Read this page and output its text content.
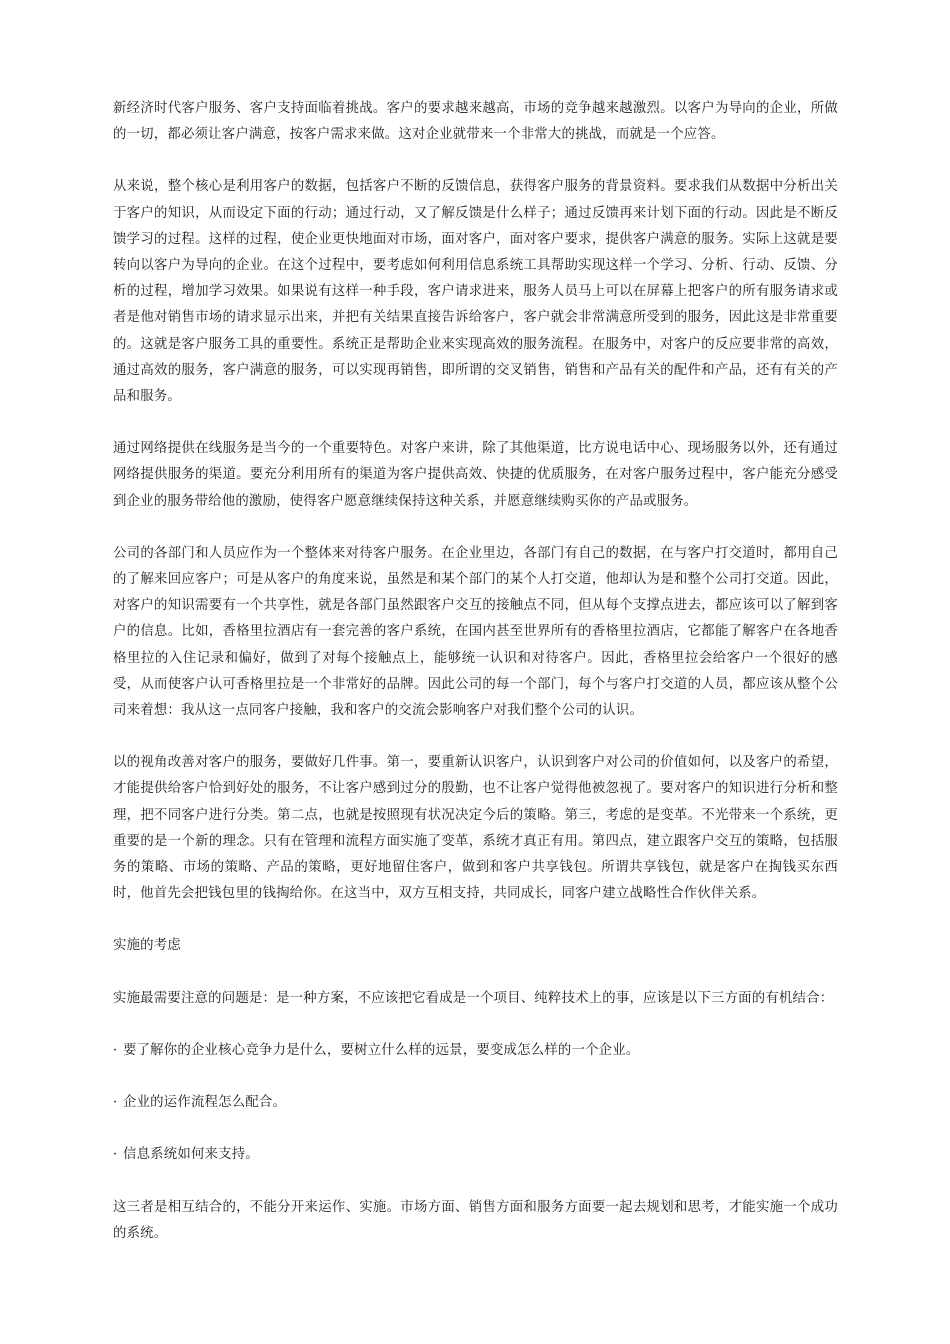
新经济时代客户服务、客户支持面临着挑战。客户的要求越来越高，市场的竞争越来越激烈。以客户为导向的企业，所做的一切，都必须让客户满意，按客户需求来做。这对企业就带来一个非常大的挑战，而就是一个应答。

从来说，整个核心是利用客户的数据，包括客户不断的反馈信息，获得客户服务的背景资料。要求我们从数据中分析出关于客户的知识，从而设定下面的行动；通过行动，又了解反馈是什么样子；通过反馈再来计划下面的行动。因此是不断反馈学习的过程。这样的过程，使企业更快地面对市场，面对客户，面对客户要求，提供客户满意的服务。实际上这就是要转向以客户为导向的企业。在这个过程中，要考虑如何利用信息系统工具帮助实现这样一个学习、分析、行动、反馈、分析的过程，增加学习效果。如果说有这样一种手段，客户请求进来，服务人员马上可以在屏幕上把客户的所有服务请求或者是他对销售市场的请求显示出来，并把有关结果直接告诉给客户，客户就会非常满意所受到的服务，因此这是非常重要的。这就是客户服务工具的重要性。系统正是帮助企业来实现高效的服务流程。在服务中，对客户的反应要非常的高效，通过高效的服务，客户满意的服务，可以实现再销售，即所谓的交叉销售，销售和产品有关的配件和产品，还有有关的产品和服务。

通过网络提供在线服务是当今的一个重要特色。对客户来讲，除了其他渠道，比方说电话中心、现场服务以外，还有通过网络提供服务的渠道。要充分利用所有的渠道为客户提供高效、快捷的优质服务，在对客户服务过程中，客户能充分感受到企业的服务带给他的激励，使得客户愿意继续保持这种关系，并愿意继续购买你的产品或服务。

公司的各部门和人员应作为一个整体来对待客户服务。在企业里边，各部门有自己的数据，在与客户打交道时，都用自己的了解来回应客户；可是从客户的角度来说，虽然是和某个部门的某个人打交道，他却认为是和整个公司打交道。因此，对客户的知识需要有一个共享性，就是各部门虽然跟客户交互的接触点不同，但从每个支撑点进去，都应该可以了解到客户的信息。比如，香格里拉酒店有一套完善的客户系统，在国内甚至世界所有的香格里拉酒店，它都能了解客户在各地香格里拉的入住记录和偏好，做到了对每个接触点上，能够统一认识和对待客户。因此，香格里拉会给客户一个很好的感受，从而使客户认可香格里拉是一个非常好的品牌。因此公司的每一个部门，每个与客户打交道的人员，都应该从整个公司来着想：我从这一点同客户接触，我和客户的交流会影响客户对我们整个公司的认识。

以的视角改善对客户的服务，要做好几件事。第一，要重新认识客户，认识到客户对公司的价值如何，以及客户的希望，才能提供给客户恰到好处的服务，不让客户感到过分的殷勤，也不让客户觉得他被忽视了。要对客户的知识进行分析和整理，把不同客户进行分类。第二点，也就是按照现有状况决定今后的策略。第三，考虑的是变革。不光带来一个系统，更重要的是一个新的理念。只有在管理和流程方面实施了变革，系统才真正有用。第四点，建立跟客户交互的策略，包括服务的策略、市场的策略、产品的策略，更好地留住客户，做到和客户共享钱包。所谓共享钱包，就是客户在掏钱买东西时，他首先会把钱包里的钱掏给你。在这当中，双方互相支持，共同成长，同客户建立战略性合作伙伴关系。

实施的考虑

实施最需要注意的问题是：是一种方案，不应该把它看成是一个项目、纯粹技术上的事，应该是以下三方面的有机结合：

· 要了解你的企业核心竞争力是什么，要树立什么样的远景，要变成怎么样的一个企业。

· 企业的运作流程怎么配合。

· 信息系统如何来支持。

这三者是相互结合的，不能分开来运作、实施。市场方面、销售方面和服务方面要一起去规划和思考，才能实施一个成功的系统。
